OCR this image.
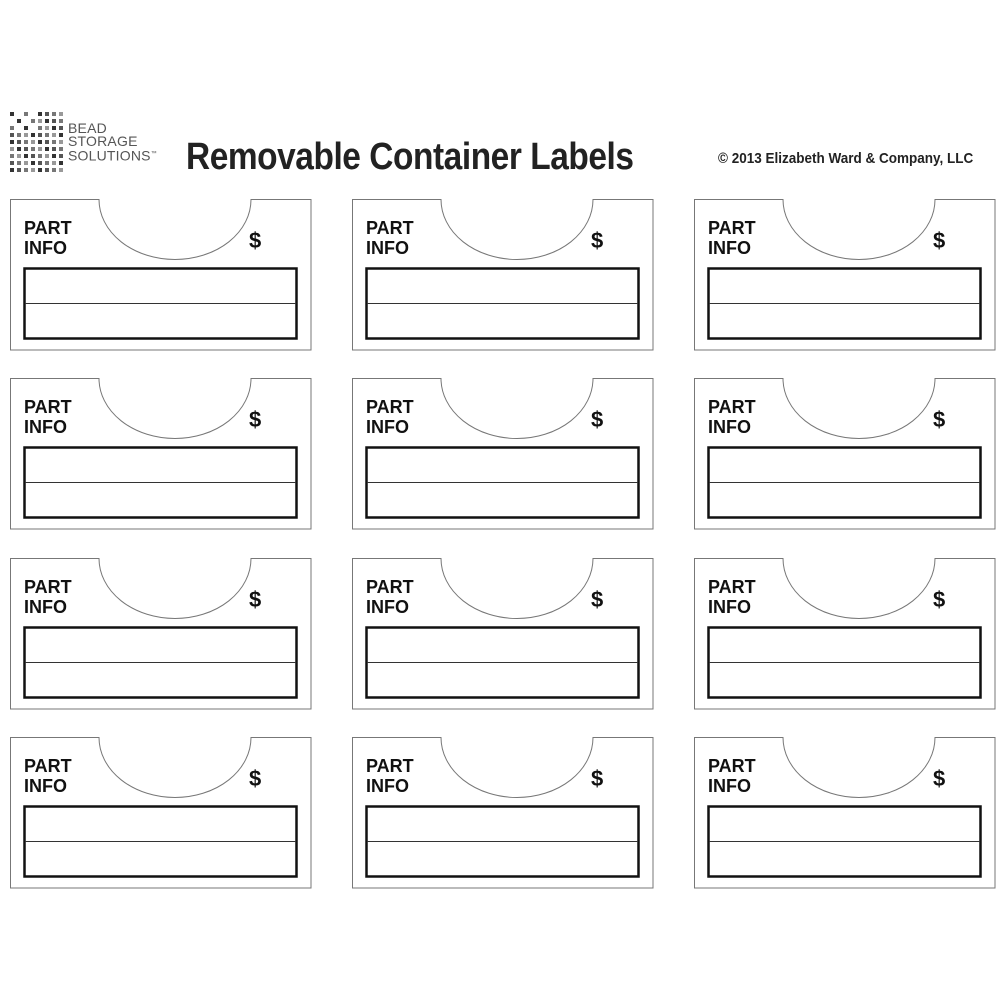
BEAD
STORAGE
SOLUTIONS™ Removable Container Labels	© 2013 Elizabeth Ward & Company, LLC
PART
INFO	$	PART
INFO	$	PART
INFO	$
PART
INFO	$	PART
INFO	$	PART
INFO	$
PART
INFO	$	PART
INFO	$	PART
INFO	$
PART
INFO	$	PART
INFO	$	PART
INFO	$
